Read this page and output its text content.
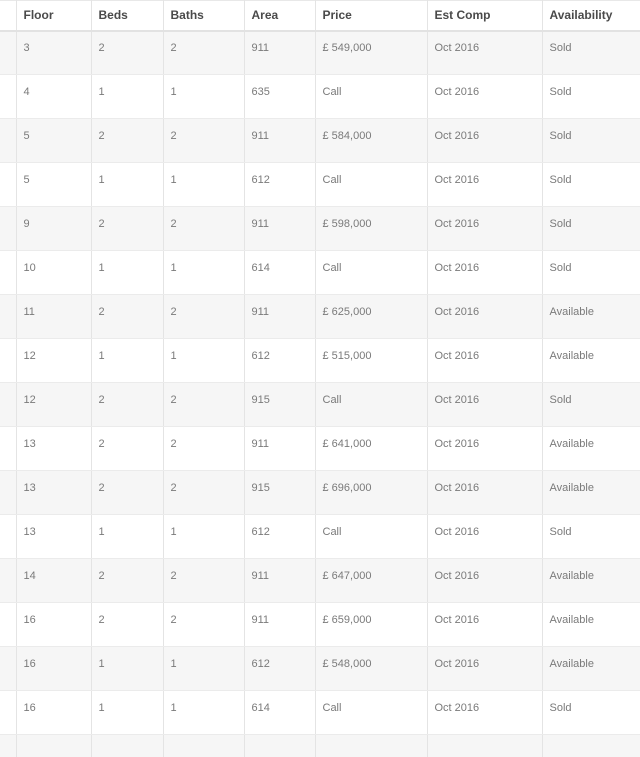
	Floor	Beds	Baths	Area	Price	Est Comp	Availability
	3	2	2	911	£ 549,000	Oct 2016	Sold
	4	1	1	635	Call	Oct 2016	Sold
	5	2	2	911	£ 584,000	Oct 2016	Sold
	5	1	1	612	Call	Oct 2016	Sold
	9	2	2	911	£ 598,000	Oct 2016	Sold
	10	1	1	614	Call	Oct 2016	Sold
	11	2	2	911	£ 625,000	Oct 2016	Available
	12	1	1	612	£ 515,000	Oct 2016	Available
	12	2	2	915	Call	Oct 2016	Sold
	13	2	2	911	£ 641,000	Oct 2016	Available
	13	2	2	915	£ 696,000	Oct 2016	Available
	13	1	1	612	Call	Oct 2016	Sold
	14	2	2	911	£ 647,000	Oct 2016	Available
	16	2	2	911	£ 659,000	Oct 2016	Available
	16	1	1	612	£ 548,000	Oct 2016	Available
	16	1	1	614	Call	Oct 2016	Sold
